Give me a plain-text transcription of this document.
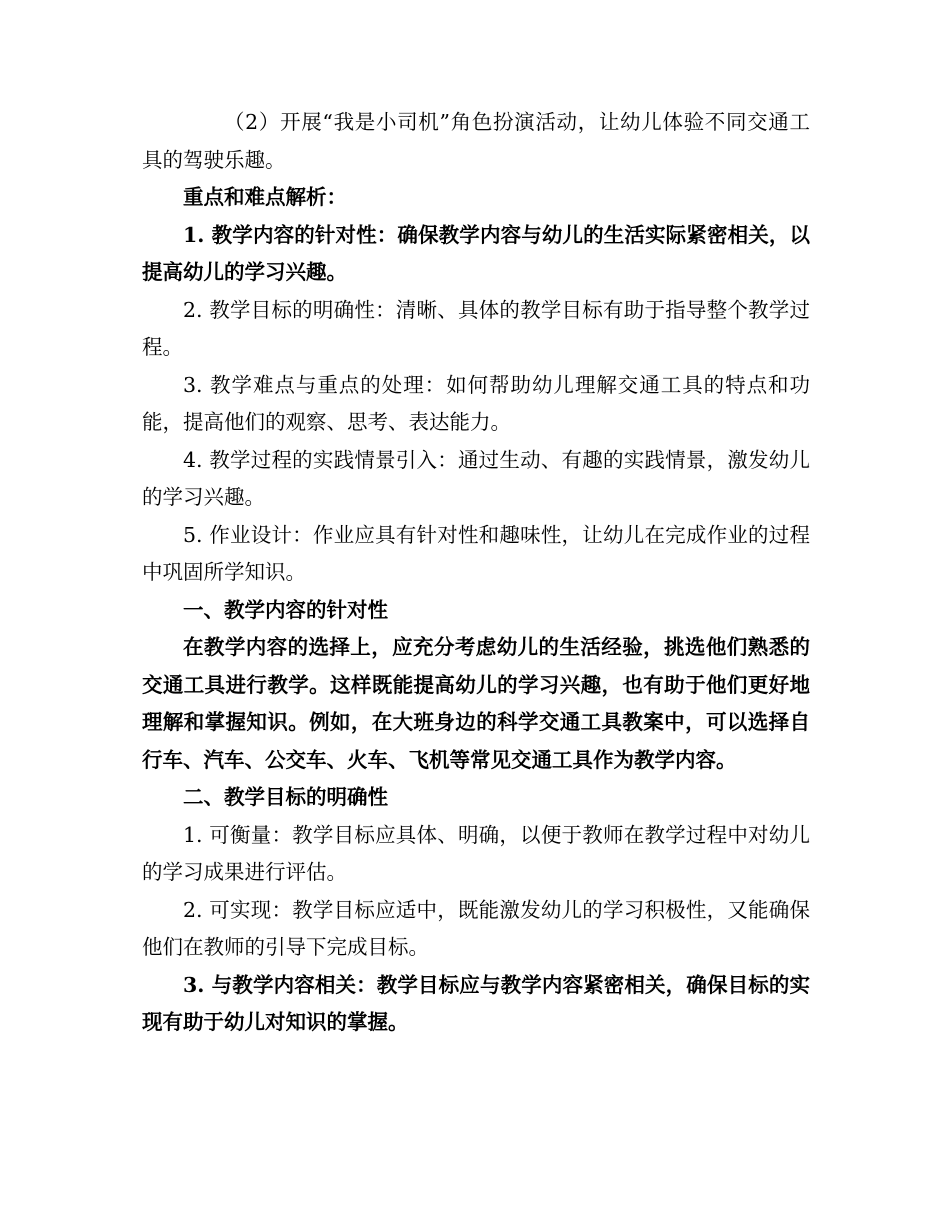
（2）开展“我是小司机”角色扮演活动，让幼儿体验不同交通工具的驾驶乐趣。

重点和难点解析：

1. 教学内容的针对性：确保教学内容与幼儿的生活实际紧密相关，以提高幼儿的学习兴趣。

2. 教学目标的明确性：清晰、具体的教学目标有助于指导整个教学过程。

3. 教学难点与重点的处理：如何帮助幼儿理解交通工具的特点和功能，提高他们的观察、思考、表达能力。

4. 教学过程的实践情景引入：通过生动、有趣的实践情景，激发幼儿的学习兴趣。

5. 作业设计：作业应具有针对性和趣味性，让幼儿在完成作业的过程中巩固所学知识。

一、教学内容的针对性

在教学内容的选择上，应充分考虑幼儿的生活经验，挑选他们熟悉的交通工具进行教学。这样既能提高幼儿的学习兴趣，也有助于他们更好地理解和掌握知识。例如，在大班身边的科学交通工具教案中，可以选择自行车、汽车、公交车、火车、飞机等常见交通工具作为教学内容。

二、教学目标的明确性

1. 可衡量：教学目标应具体、明确，以便于教师在教学过程中对幼儿的学习成果进行评估。

2. 可实现：教学目标应适中，既能激发幼儿的学习积极性，又能确保他们在教师的引导下完成目标。

3. 与教学内容相关：教学目标应与教学内容紧密相关，确保目标的实现有助于幼儿对知识的掌握。
